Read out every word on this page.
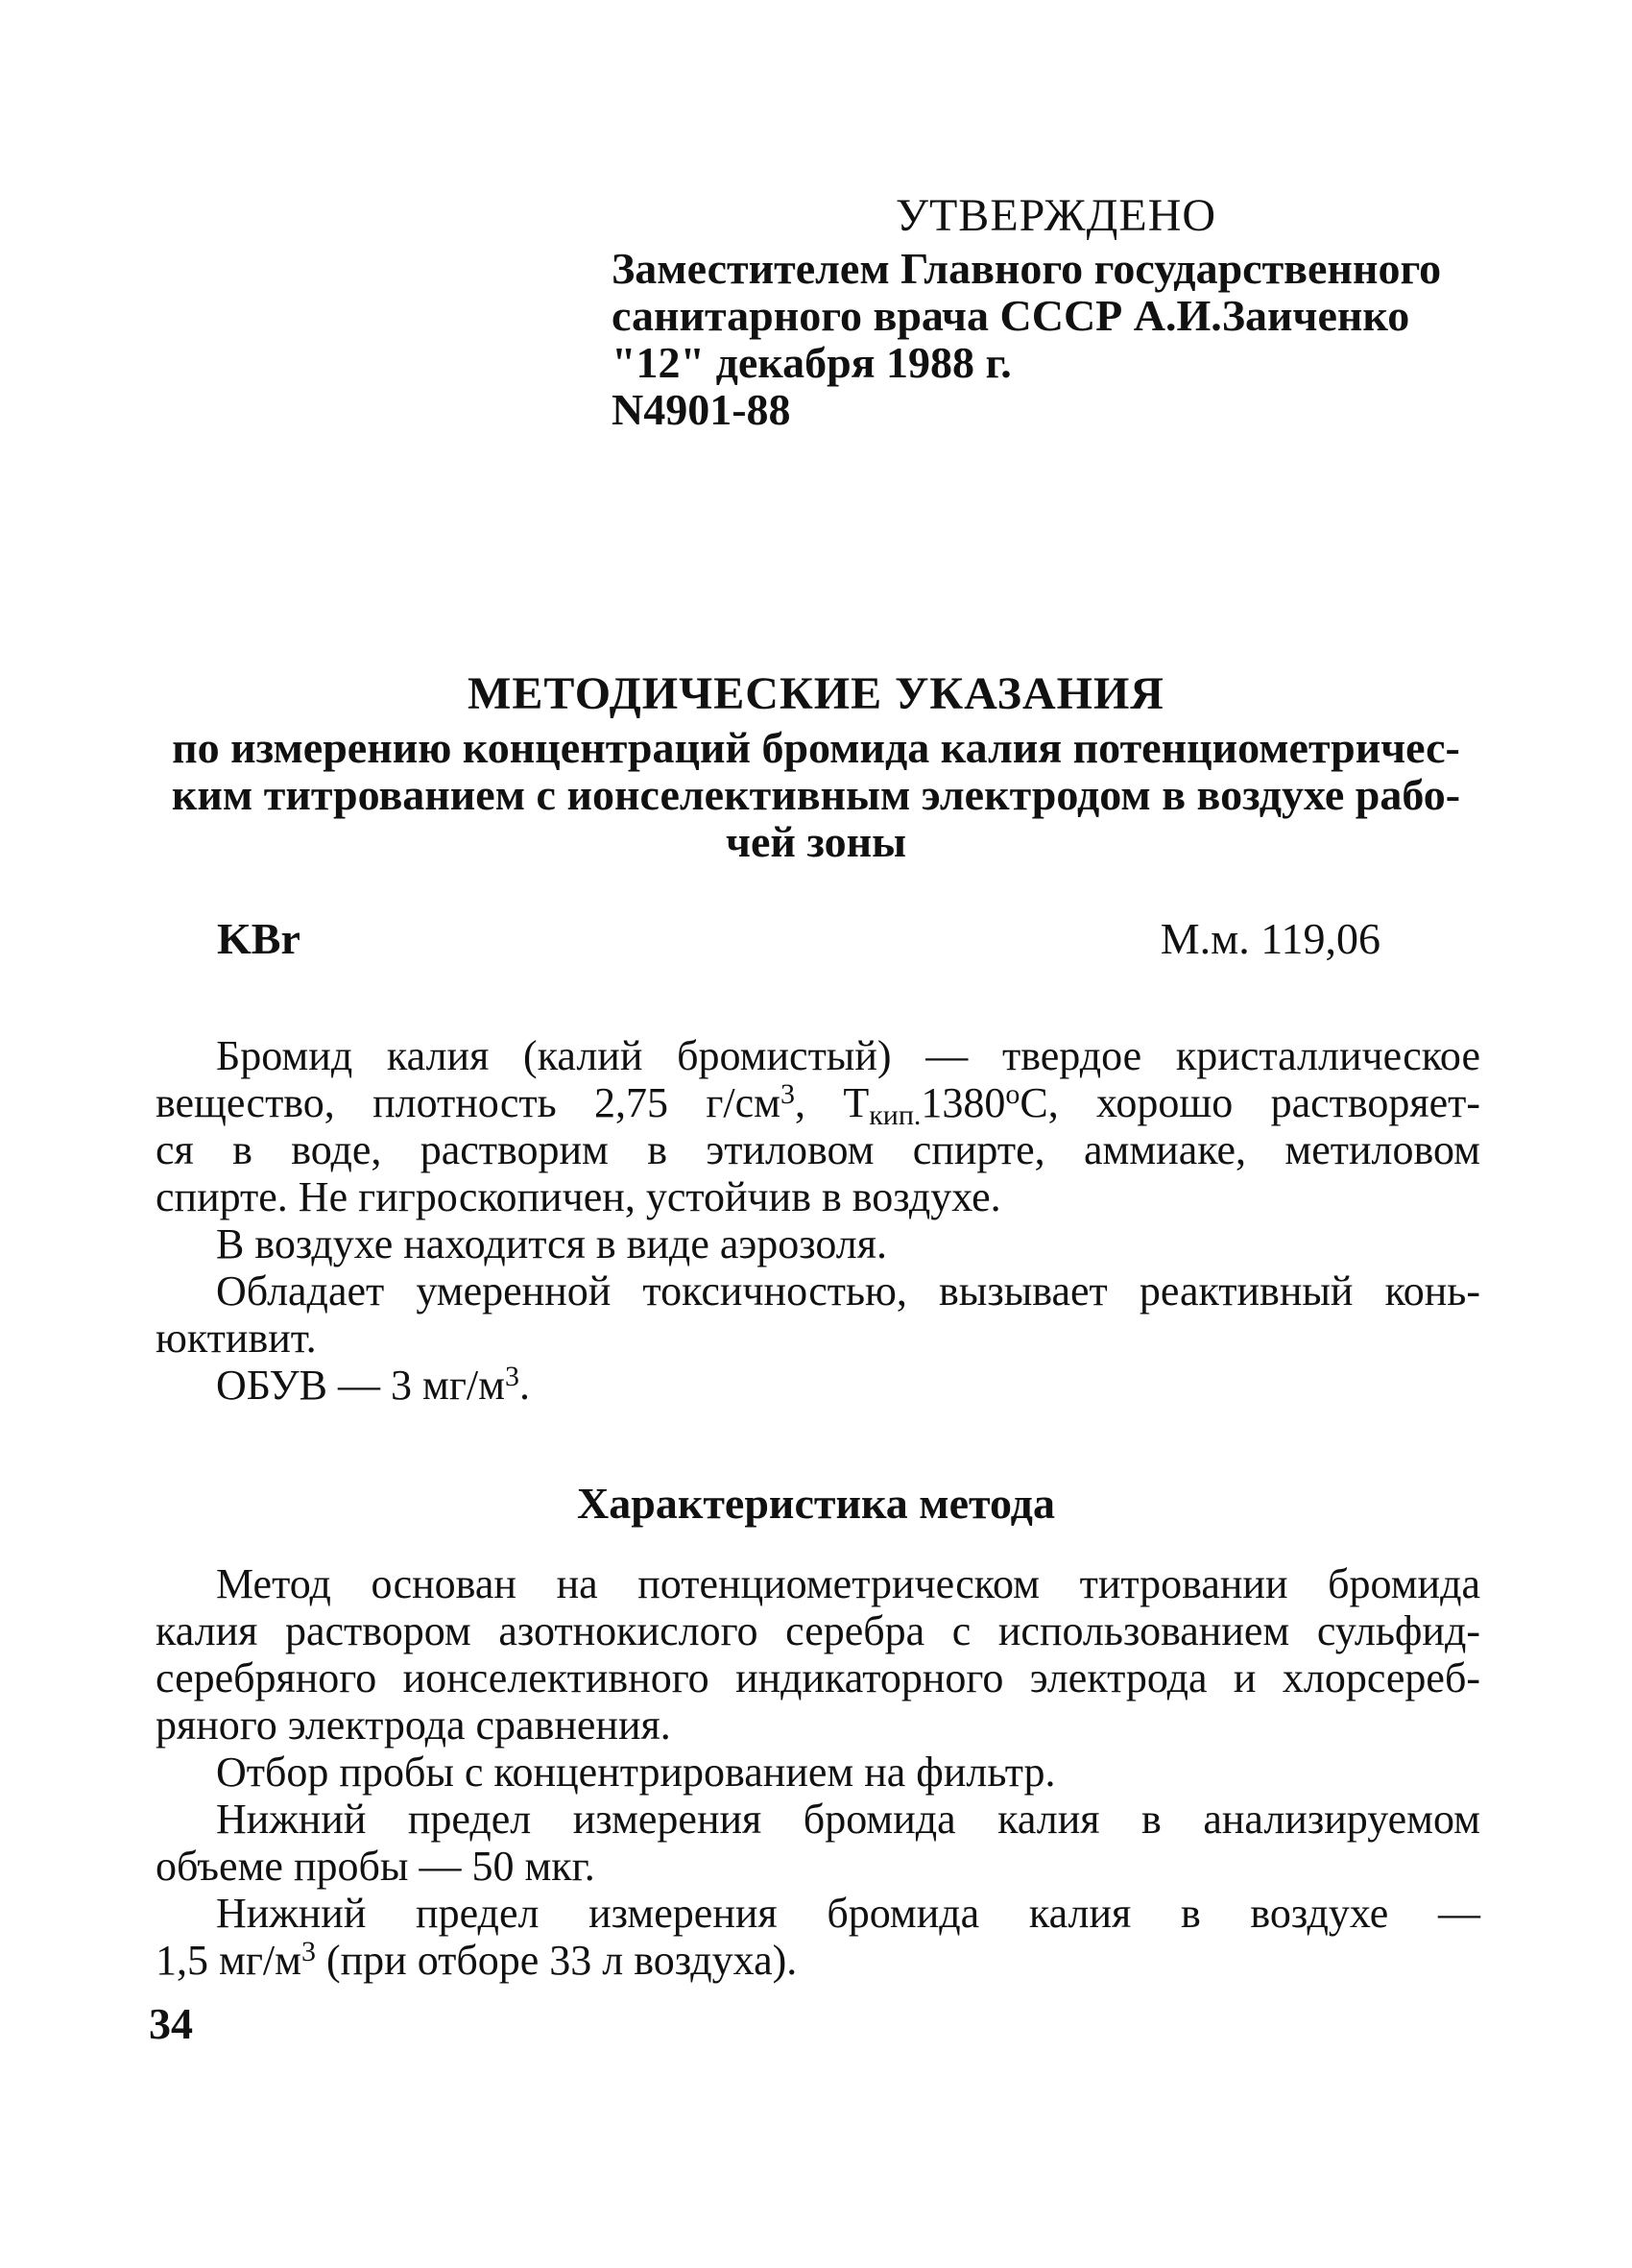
УТВЕРЖДЕНО
Заместителем Главного государственного
санитарного врача СССР А.И.Заиченко
"12" декабря 1988 г.
N4901-88
МЕТОДИЧЕСКИЕ УКАЗАНИЯ
по измерению концентраций бромида калия потенциометричес-
ким титрованием с ионселективным электродом в воздухе рабо-
чей зоны
KBr	М.м. 119,06
Бромид калия (калий бромистый) — твердое кристаллическое
вещество, плотность 2,75 $г/см^3$, $Т_{кип.}1380^оС$, хорошо растворяет-
ся в воде, растворим в этиловом спирте, аммиаке, метиловом
спирте. Не гигроскопичен, устойчив в воздухе.
В воздухе находится в виде аэрозоля.
Обладает умеренной токсичностью, вызывает реактивный конь-
юктивит.
ОБУВ — 3 $мг/м^3$.
Характеристика метода
Метод основан на потенциометрическом титровании бромида
калия раствором азотнокислого серебра с использованием сульфид-
серебряного ионселективного индикаторного электрода и хлорсереб-
ряного электрода сравнения.
Отбор пробы с концентрированием на фильтр.
Нижний предел измерения бромида калия в анализируемом
объеме пробы — 50 мкг.
Нижний предел измерения бромида калия в воздухе —
1,5 $мг/м^3$ (при отборе 33 л воздуха).
34
